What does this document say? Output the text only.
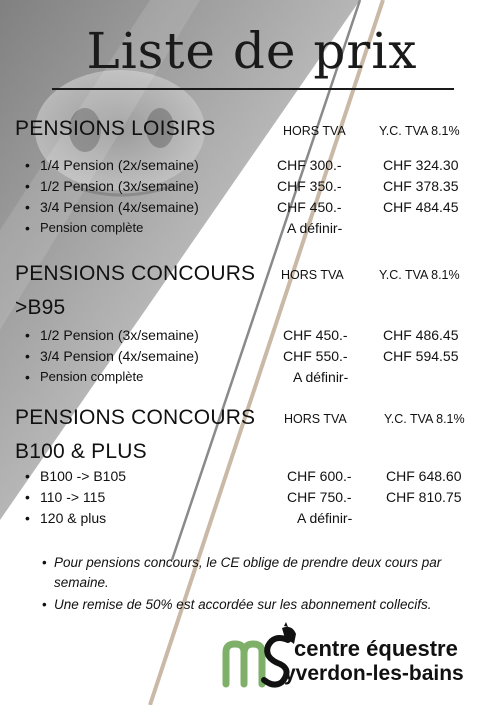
Liste de prix
PENSIONS LOISIRS	HORS TVA	Y.C. TVA 8.1%
• 1/4 Pension (2x/semaine)	CHF 300.-	CHF 324.30
• 1/2 Pension (3x/semaine)	CHF 350.-	CHF 378.35
• 3/4 Pension (4x/semaine)	CHF 450.-	CHF 484.45
• Pension complète	A définir-
PENSIONS CONCOURS
>B95
HORS TVA	Y.C. TVA 8.1%
• 1/2 Pension (3x/semaine)	CHF 450.-	CHF 486.45
• 3/4 Pension (4x/semaine)	CHF 550.-	CHF 594.55
• Pension complète	A définir-
PENSIONS CONCOURS
B100 & PLUS
HORS TVA	Y.C. TVA 8.1%
• B100 -> B105	CHF 600.- CHF 648.60
• 110 -> 115	CHF 750.- CHF 810.75
• 120 & plus	A définir-
• Pour pensions concours, le CE oblige de prendre deux cours par semaine.
• Une remise de 50% est accordée sur les abonnement collecifs.
centre équestre
yverdon-les-bains
